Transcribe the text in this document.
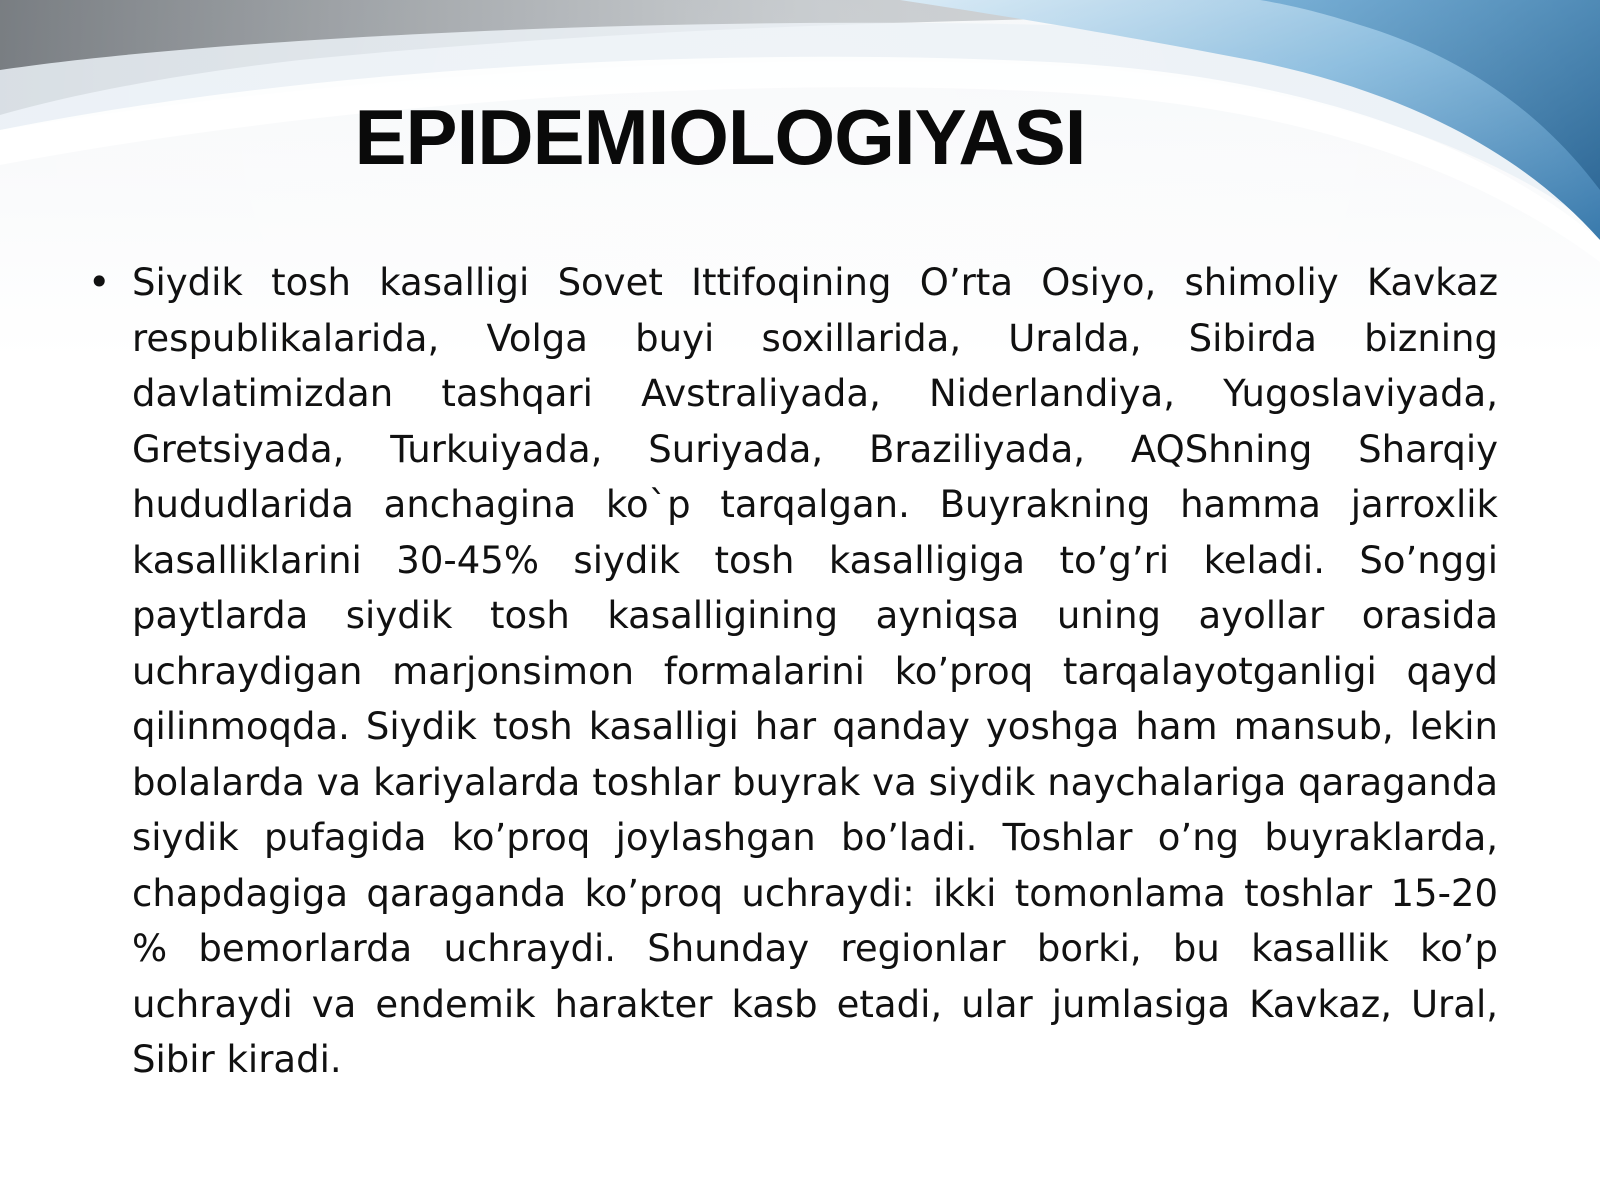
EPIDEMIOLOGIYASI
• Siydik tosh kasalligi Sovet Ittifoqining O’rta Osiyo, shimoliy Kavkaz respublikalarida, Volga buyi soxillarida, Uralda, Sibirda bizning davlatimizdan tashqari Avstraliyada, Niderlandiya, Yugoslaviyada, Gretsiyada, Turkuiyada, Suriyada, Braziliyada, AQShning Sharqiy hududlarida anchagina ko`p tarqalgan. Buyrakning hamma jarroxlik kasalliklarini 30-45% siydik tosh kasalligiga to’g’ri keladi. So’nggi paytlarda siydik tosh kasalligining ayniqsa uning ayollar orasida uchraydigan marjonsimon formalarini ko’proq tarqalayotganligi qayd qilinmoqda. Siydik tosh kasalligi har qanday yoshga ham mansub, lekin bolalarda va kariyalarda toshlar buyrak va siydik naychalariga qaraganda siydik pufagida ko’proq joylashgan bo’ladi. Toshlar o’ng buyraklarda, chapdagiga qaraganda ko’proq uchraydi: ikki tomonlama toshlar 15-20 % bemorlarda uchraydi. Shunday regionlar borki, bu kasallik ko’p uchraydi va endemik harakter kasb etadi, ular jumlasiga Kavkaz, Ural, Sibir kiradi.
